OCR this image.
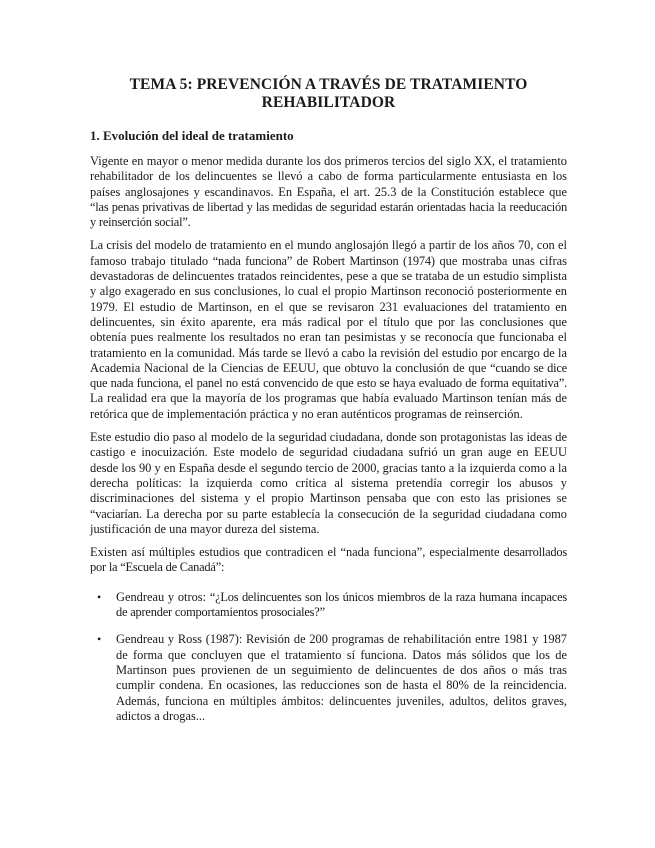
TEMA 5: PREVENCIÓN A TRAVÉS DE TRATAMIENTO
REHABILITADOR
1. Evolución del ideal de tratamiento

Vigente en mayor o menor medida durante los dos primeros tercios del siglo XX, el tratamiento rehabilitador de los delincuentes se llevó a cabo de forma particularmente entusiasta en los países anglosajones y escandinavos. En España, el art. 25.3 de la Constitución establece que “las penas privativas de libertad y las medidas de seguridad estarán orientadas hacia la reeducación y reinserción social”.

La crisis del modelo de tratamiento en el mundo anglosajón llegó a partir de los años 70, con el famoso trabajo titulado “nada funciona” de Robert Martinson (1974) que mostraba unas cifras devastadoras de delincuentes tratados reincidentes, pese a que se trataba de un estudio simplista y algo exagerado en sus conclusiones, lo cual el propio Martinson reconoció posteriormente en 1979. El estudio de Martinson, en el que se revisaron 231 evaluaciones del tratamiento en delincuentes, sin éxito aparente, era más radical por el título que por las conclusiones que obtenía pues realmente los resultados no eran tan pesimistas y se reconocía que funcionaba el tratamiento en la comunidad. Más tarde se llevó a cabo la revisión del estudio por encargo de la Academia Nacional de la Ciencias de EEUU, que obtuvo la conclusión de que “cuando se dice que nada funciona, el panel no está convencido de que esto se haya evaluado de forma equitativa”. La realidad era que la mayoría de los programas que había evaluado Martinson tenían más de retórica que de implementación práctica y no eran auténticos programas de reinserción.

Este estudio dio paso al modelo de la seguridad ciudadana, donde son protagonistas las ideas de castigo e inocuización. Este modelo de seguridad ciudadana sufrió un gran auge en EEUU desde los 90 y en España desde el segundo tercio de 2000, gracias tanto a la izquierda como a la derecha políticas: la izquierda como crítica al sistema pretendía corregir los abusos y discriminaciones del sistema y el propio Martinson pensaba que con esto las prisiones se “vaciarían. La derecha por su parte establecía la consecución de la seguridad ciudadana como justificación de una mayor dureza del sistema.

Existen así múltiples estudios que contradicen el “nada funciona”, especialmente desarrollados por la “Escuela de Canadá”:

• Gendreau y otros: “¿Los delincuentes son los únicos miembros de la raza humana incapaces de aprender comportamientos prosociales?”
• Gendreau y Ross (1987): Revisión de 200 programas de rehabilitación entre 1981 y 1987 de forma que concluyen que el tratamiento sí funciona. Datos más sólidos que los de Martinson pues provienen de un seguimiento de delincuentes de dos años o más tras cumplir condena. En ocasiones, las reducciones son de hasta el 80% de la reincidencia. Además, funciona en múltiples ámbitos: delincuentes juveniles, adultos, delitos graves, adictos a drogas...
